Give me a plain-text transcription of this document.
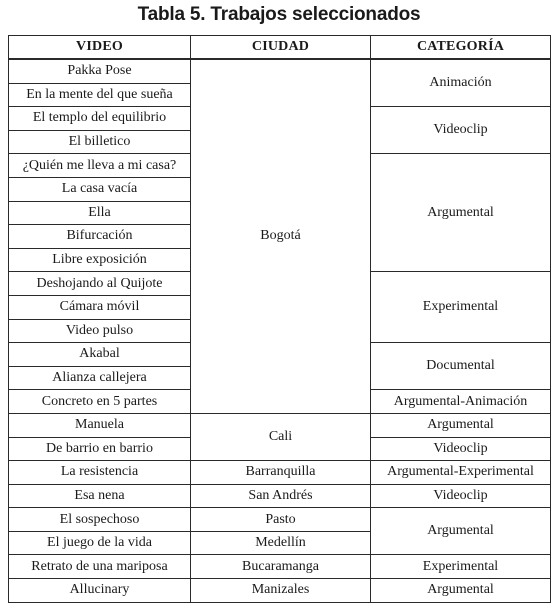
Tabla 5. Trabajos seleccionados
VIDEO	CIUDAD	CATEGORÍA
Pakka Pose	Bogotá	Animación
En la mente del que sueña		
El templo del equilibrio		Videoclip
El billetico		
¿Quién me lleva a mi casa?		Argumental
La casa vacía		
Ella		
Bifurcación		
Libre exposición		
Deshojando al Quijote		Experimental
Cámara móvil		
Video pulso		
Akabal		Documental
Alianza callejera		
Concreto en 5 partes		Argumental-Animación
Manuela	Cali	Argumental
De barrio en barrio		Videoclip
La resistencia	Barranquilla	Argumental-Experimental
Esa nena	San Andrés	Videoclip
El sospechoso	Pasto	Argumental
El juego de la vida	Medellín	
Retrato de una mariposa	Bucaramanga	Experimental
Allucinary	Manizales	Argumental
